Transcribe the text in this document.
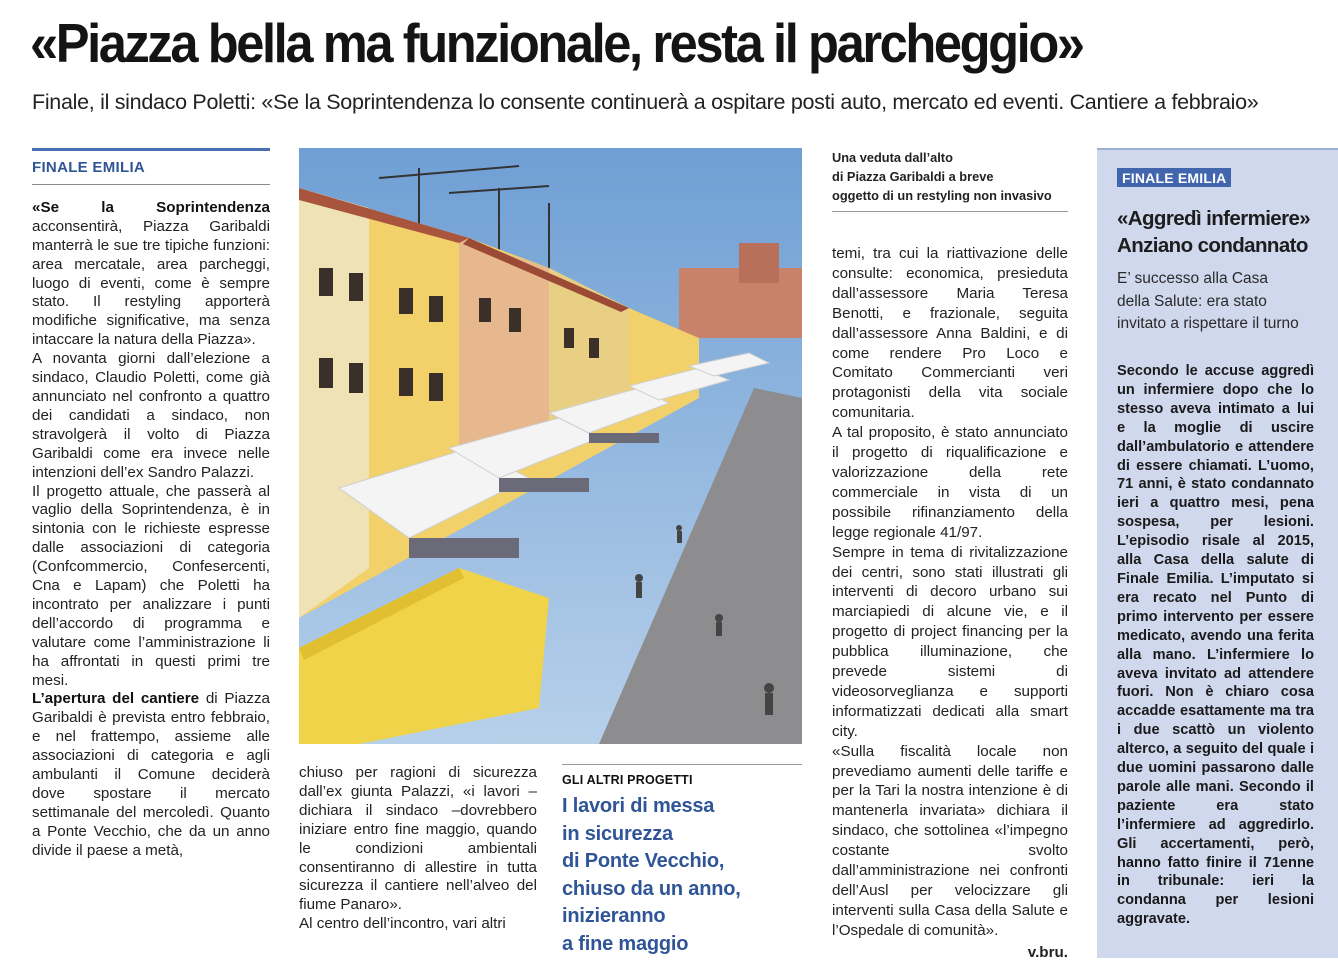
«Piazza bella ma funzionale, resta il parcheggio»
Finale, il sindaco Poletti: «Se la Soprintendenza lo consente continuerà a ospitare posti auto, mercato ed eventi. Cantiere a febbraio»
FINALE EMILIA

«Se la Soprintendenza acconsentirà, Piazza Garibaldi manterrà le sue tre tipiche funzioni: area mercatale, area parcheggi, luogo di eventi, come è sempre stato. Il restyling apporterà modifiche significative, ma senza intaccare la natura della Piazza».

A novanta giorni dall’elezione a sindaco, Claudio Poletti, come già annunciato nel confronto a quattro dei candidati a sindaco, non stravolgerà il volto di Piazza Garibaldi come era invece nelle intenzioni dell’ex Sandro Palazzi.

Il progetto attuale, che passerà al vaglio della Soprintendenza, è in sintonia con le richieste espresse dalle associazioni di categoria (Confcommercio, Confesercenti, Cna e Lapam) che Poletti ha incontrato per analizzare i punti dell’accordo di programma e valutare come l’amministrazione li ha affrontati in questi primi tre mesi.

L’apertura del cantiere di Piazza Garibaldi è prevista entro febbraio, e nel frattempo, assieme alle associazioni di categoria e agli ambulanti il Comune deciderà dove spostare il mercato settimanale del mercoledì. Quanto a Ponte Vecchio, che da un anno divide il paese a metà,

Una veduta dall’alto
di Piazza Garibaldi a breve
oggetto di un restyling non invasivo

chiuso per ragioni di sicurezza dall’ex giunta Palazzi, «i lavori –dichiara il sindaco –dovrebbero iniziare entro fine maggio, quando le condizioni ambientali consentiranno di allestire in tutta sicurezza il cantiere nell’alveo del fiume Panaro».

Al centro dell’incontro, vari altri

GLI ALTRI PROGETTI
I lavori di messa
in sicurezza
di Ponte Vecchio,
chiuso da un anno,
inizieranno
a fine maggio

temi, tra cui la riattivazione delle consulte: economica, presieduta dall’assessore Maria Teresa Benotti, e frazionale, seguita dall’assessore Anna Baldini, e di come rendere Pro Loco e Comitato Commercianti veri protagonisti della vita sociale comunitaria.

A tal proposito, è stato annunciato il progetto di riqualificazione e valorizzazione della rete commerciale in vista di un possibile rifinanziamento della legge regionale 41/97.

Sempre in tema di rivitalizzazione dei centri, sono stati illustrati gli interventi di decoro urbano sui marciapiedi di alcune vie, e il progetto di project financing per la pubblica illuminazione, che prevede sistemi di videosorveglianza e supporti informatizzati dedicati alla smart city.

«Sulla fiscalità locale non prevediamo aumenti delle tariffe e per la Tari la nostra intenzione è di mantenerla invariata» dichiara il sindaco, che sottolinea «l’impegno costante svolto dall’amministrazione nei confronti dell’Ausl per velocizzare gli interventi sulla Casa della Salute e l’Ospedale di comunità».

v.bru.
FINALE EMILIA
«Aggredì infermiere»
Anziano condannato
E’ successo alla Casa
della Salute: era stato
invitato a rispettare il turno

Secondo le accuse aggredì un infermiere dopo che lo stesso aveva intimato a lui e la moglie di uscire dall’ambulatorio e attendere di essere chiamati. L’uomo, 71 anni, è stato condannato ieri a quattro mesi, pena sospesa, per lesioni. L’episodio risale al 2015, alla Casa della salute di Finale Emilia. L’imputato si era recato nel Punto di primo intervento per essere medicato, avendo una ferita alla mano. L’infermiere lo aveva invitato ad attendere fuori. Non è chiaro cosa accadde esattamente ma tra i due scattò un violento alterco, a seguito del quale i due uomini passarono dalle parole alle mani. Secondo il paziente era stato l’infermiere ad aggredirlo. Gli accertamenti, però, hanno fatto finire il 71enne in tribunale: ieri la condanna per lesioni aggravate.
